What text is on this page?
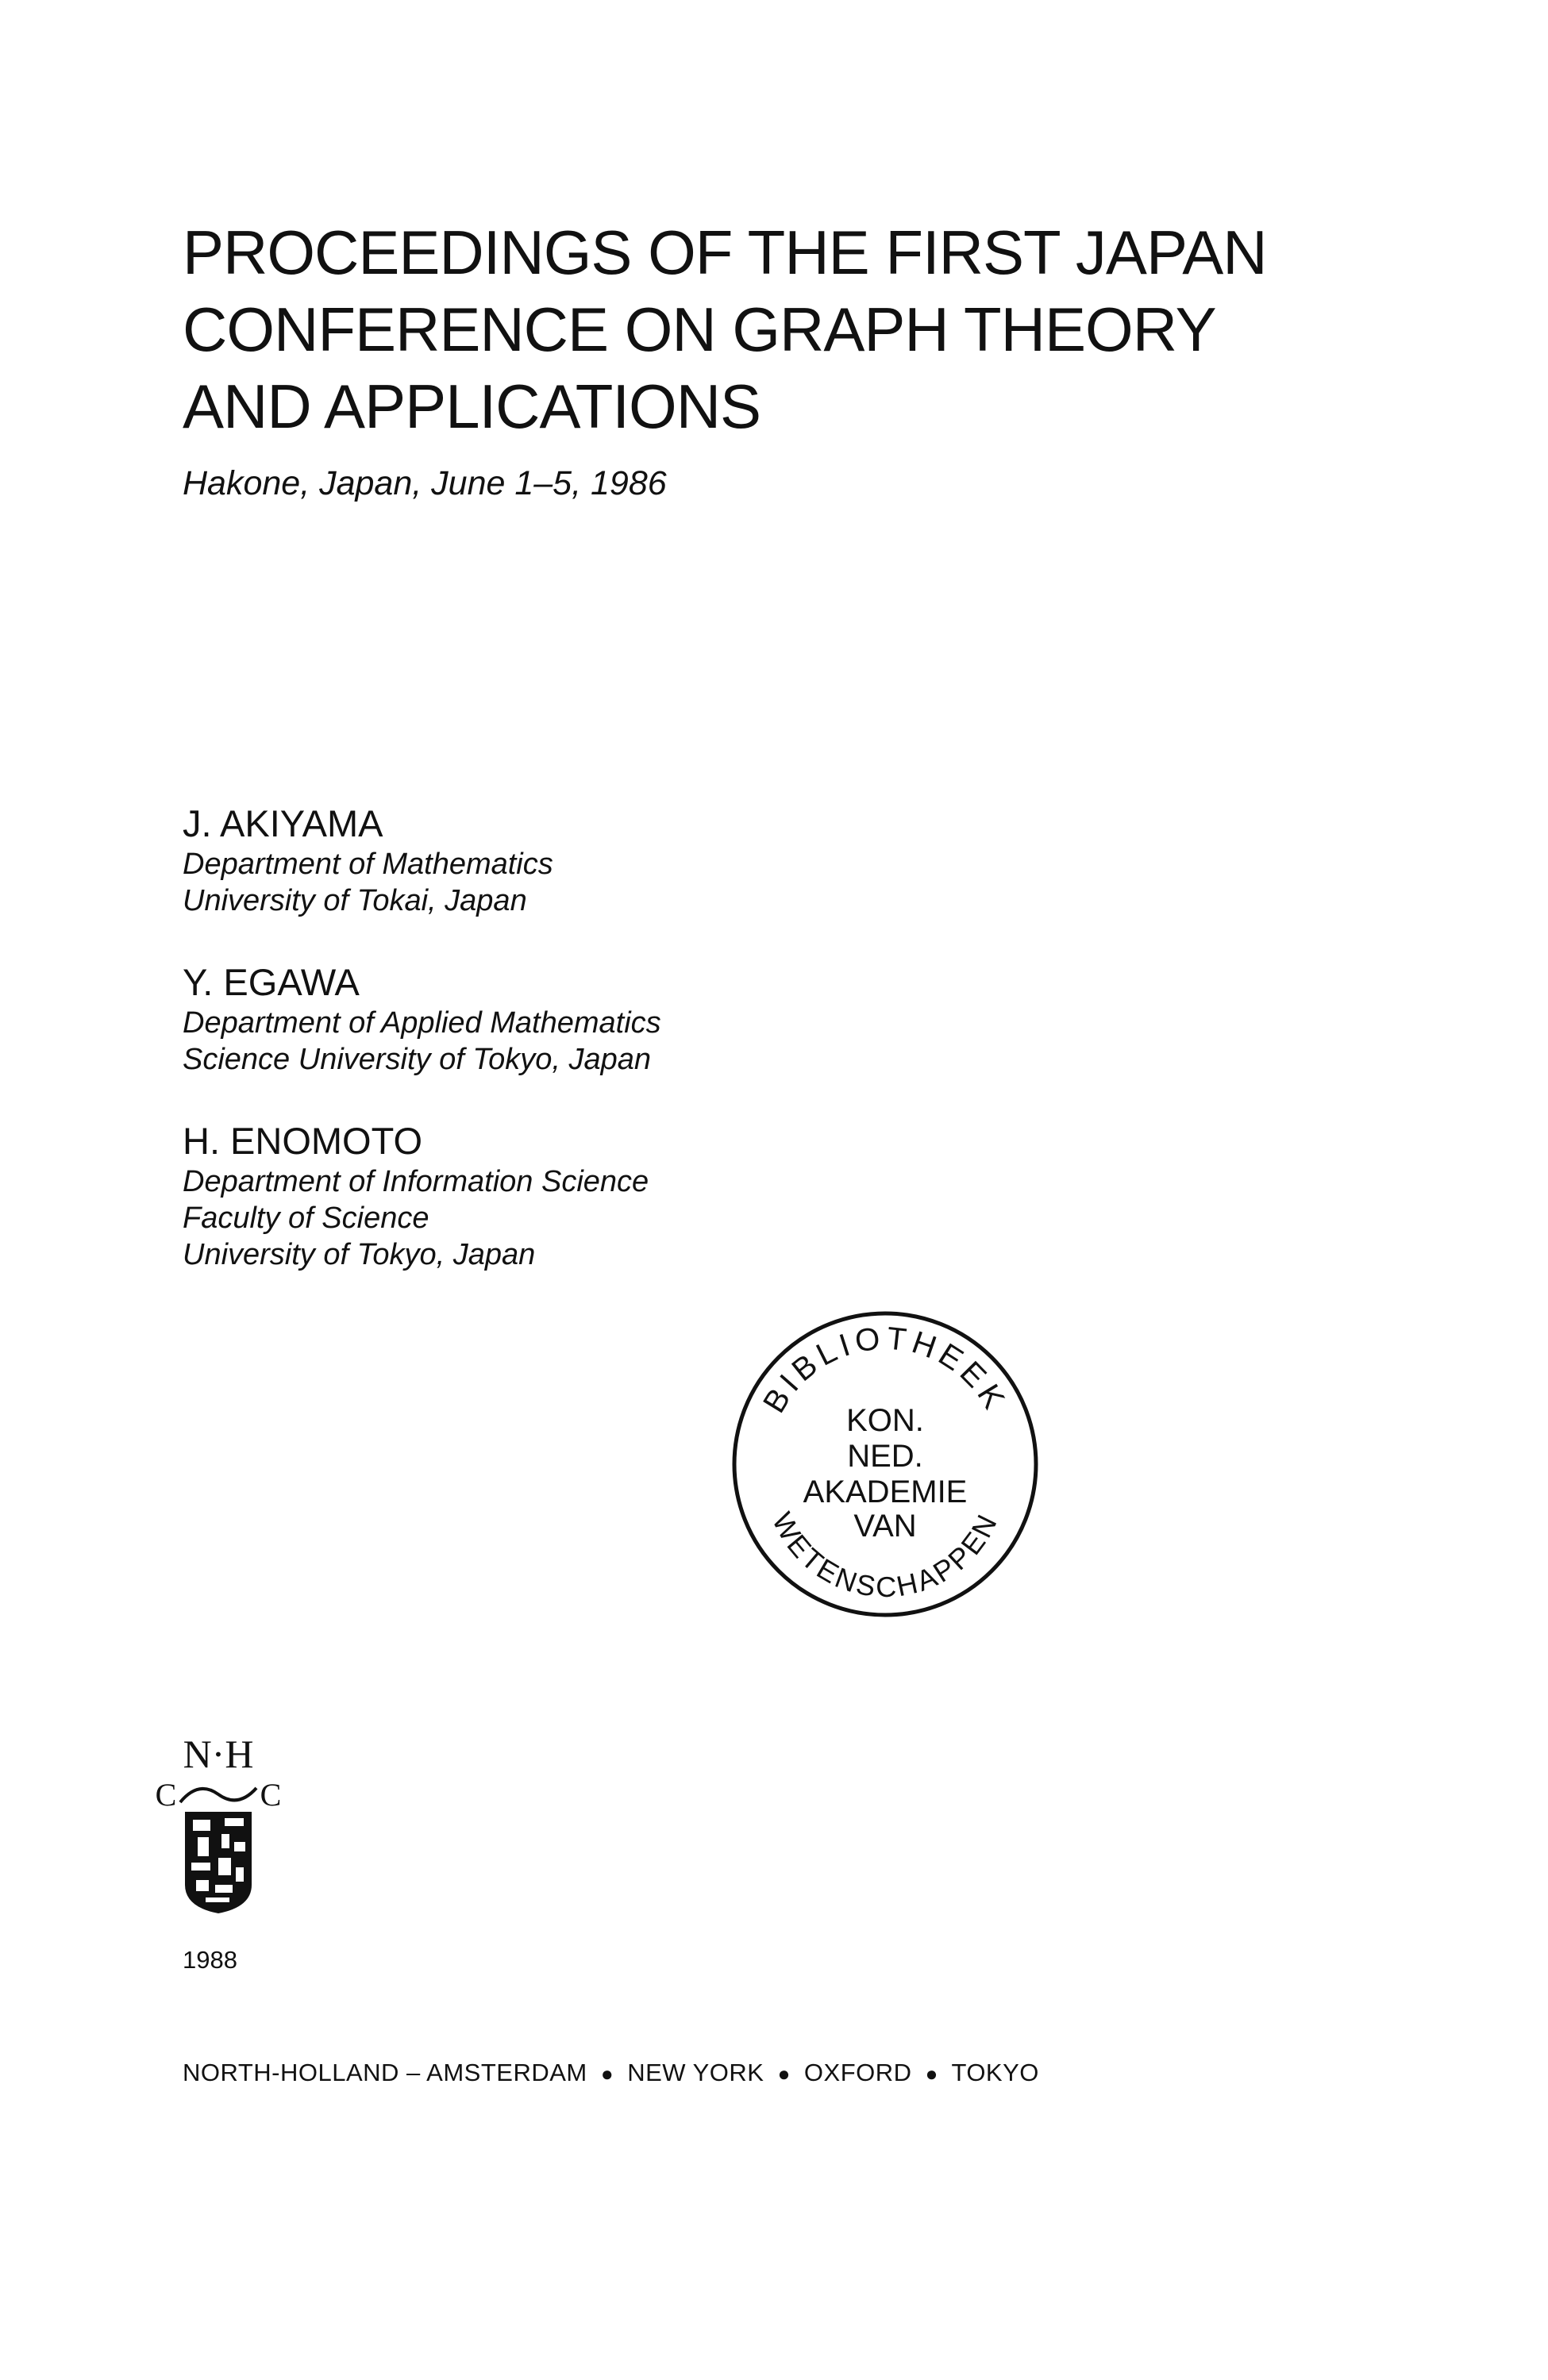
PROCEEDINGS OF THE FIRST JAPAN
CONFERENCE ON GRAPH THEORY
AND APPLICATIONS
Hakone, Japan, June 1–5, 1986
J. AKIYAMA
Department of Mathematics
University of Tokai, Japan
Y. EGAWA
Department of Applied Mathematics
Science University of Tokyo, Japan
H. ENOMOTO
Department of Information Science
Faculty of Science
University of Tokyo, Japan
BIBLIOTHEEK
WETENSCHAPPEN
KON.
NED.
AKADEMIE
VAN
N·H
C	C
1988
NORTH-HOLLAND – AMSTERDAM ● NEW YORK ● OXFORD ● TOKYO
